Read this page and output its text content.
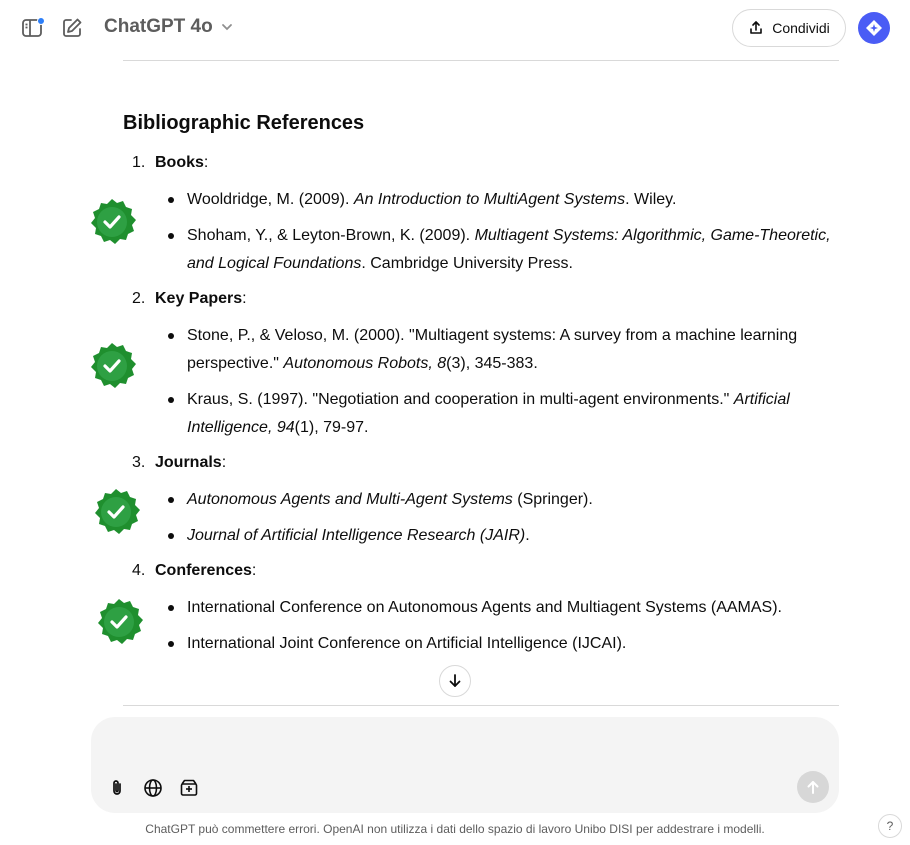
ChatGPT 4o	Condividi
Bibliographic References
1. Books:
Wooldridge, M. (2009). An Introduction to MultiAgent Systems. Wiley.
Shoham, Y., & Leyton-Brown, K. (2009). Multiagent Systems: Algorithmic, Game-Theoretic, and Logical Foundations. Cambridge University Press.
2. Key Papers:
Stone, P., & Veloso, M. (2000). "Multiagent systems: A survey from a machine learning perspective." Autonomous Robots, 8(3), 345-383.
Kraus, S. (1997). "Negotiation and cooperation in multi-agent environments." Artificial Intelligence, 94(1), 79-97.
3. Journals:
Autonomous Agents and Multi-Agent Systems (Springer).
Journal of Artificial Intelligence Research (JAIR).
4. Conferences:
International Conference on Autonomous Agents and Multiagent Systems (AAMAS).
International Joint Conference on Artificial Intelligence (IJCAI).
ChatGPT può commettere errori. OpenAI non utilizza i dati dello spazio di lavoro Unibo DISI per addestrare i modelli.	?
